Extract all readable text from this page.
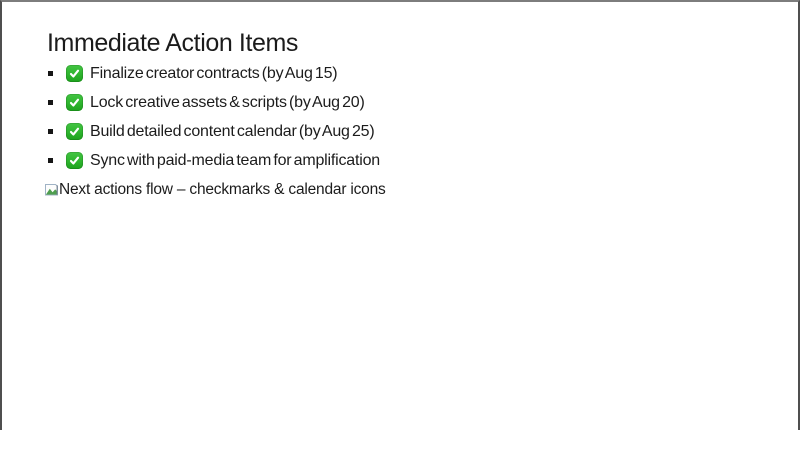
Immediate Action Items
Finalize creator contracts (by Aug 15)
Lock creative assets & scripts (by Aug 20)
Build detailed content calendar (by Aug 25)
Sync with paid-media team for amplification
Next actions flow – checkmarks & calendar icons
